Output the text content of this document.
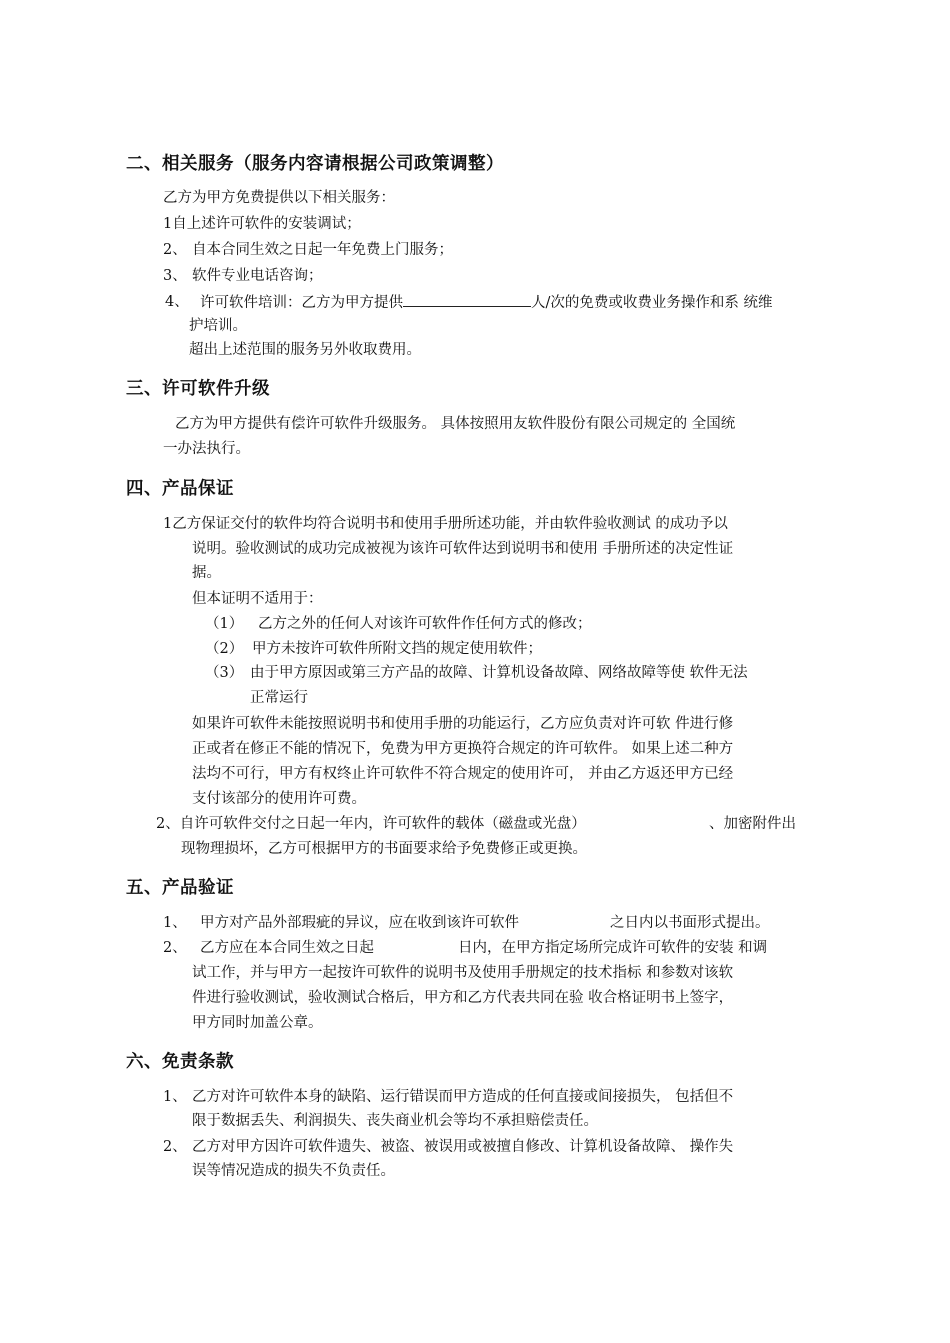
二、相关服务（服务内容请根据公司政策调整）
乙方为甲方免费提供以下相关服务：
1自上述许可软件的安装调试；
2、 自本合同生效之日起一年免费上门服务；
3、 软件专业电话咨询；
4、 许可软件培训：乙方为甲方提供	人/次的免费或收费业务操作和系 统维
护培训。
超出上述范围的服务另外收取费用。
三、许可软件升级
乙方为甲方提供有偿许可软件升级服务。 具体按照用友软件股份有限公司规定的 全国统
一办法执行。
四、产品保证
1乙方保证交付的软件均符合说明书和使用手册所述功能，并由软件验收测试 的成功予以
说明。验收测试的成功完成被视为该许可软件达到说明书和使用 手册所述的决定性证
据。
但本证明不适用于：
（1） 乙方之外的任何人对该许可软件作任何方式的修改；
（2） 甲方未按许可软件所附文挡的规定使用软件；
（3） 由于甲方原因或第三方产品的故障、计算机设备故障、网络故障等使 软件无法
正常运行
如果许可软件未能按照说明书和使用手册的功能运行，乙方应负责对许可软 件进行修
正或者在修正不能的情况下，免费为甲方更换符合规定的许可软件。 如果上述二种方
法均不可行，甲方有权终止许可软件不符合规定的使用许可， 并由乙方返还甲方已经
支付该部分的使用许可费。
2、自许可软件交付之日起一年内，许可软件的载体（磁盘或光盘）	、加密附件出
现物理损坏，乙方可根据甲方的书面要求给予免费修正或更换。
五、产品验证
1、 甲方对产品外部瑕疵的异议，应在收到该许可软件	之日内以书面形式提出。
2、 乙方应在本合同生效之日起	日内，在甲方指定场所完成许可软件的安装 和调
试工作，并与甲方一起按许可软件的说明书及使用手册规定的技术指标 和参数对该软
件进行验收测试，验收测试合格后，甲方和乙方代表共同在验 收合格证明书上签字，
甲方同时加盖公章。
六、免责条款
1、 乙方对许可软件本身的缺陷、运行错误而甲方造成的任何直接或间接损失， 包括但不
限于数据丢失、利润损失、丧失商业机会等均不承担赔偿责任。
2、 乙方对甲方因许可软件遗失、被盗、被误用或被擅自修改、计算机设备故障、 操作失
误等情况造成的损失不负责任。
